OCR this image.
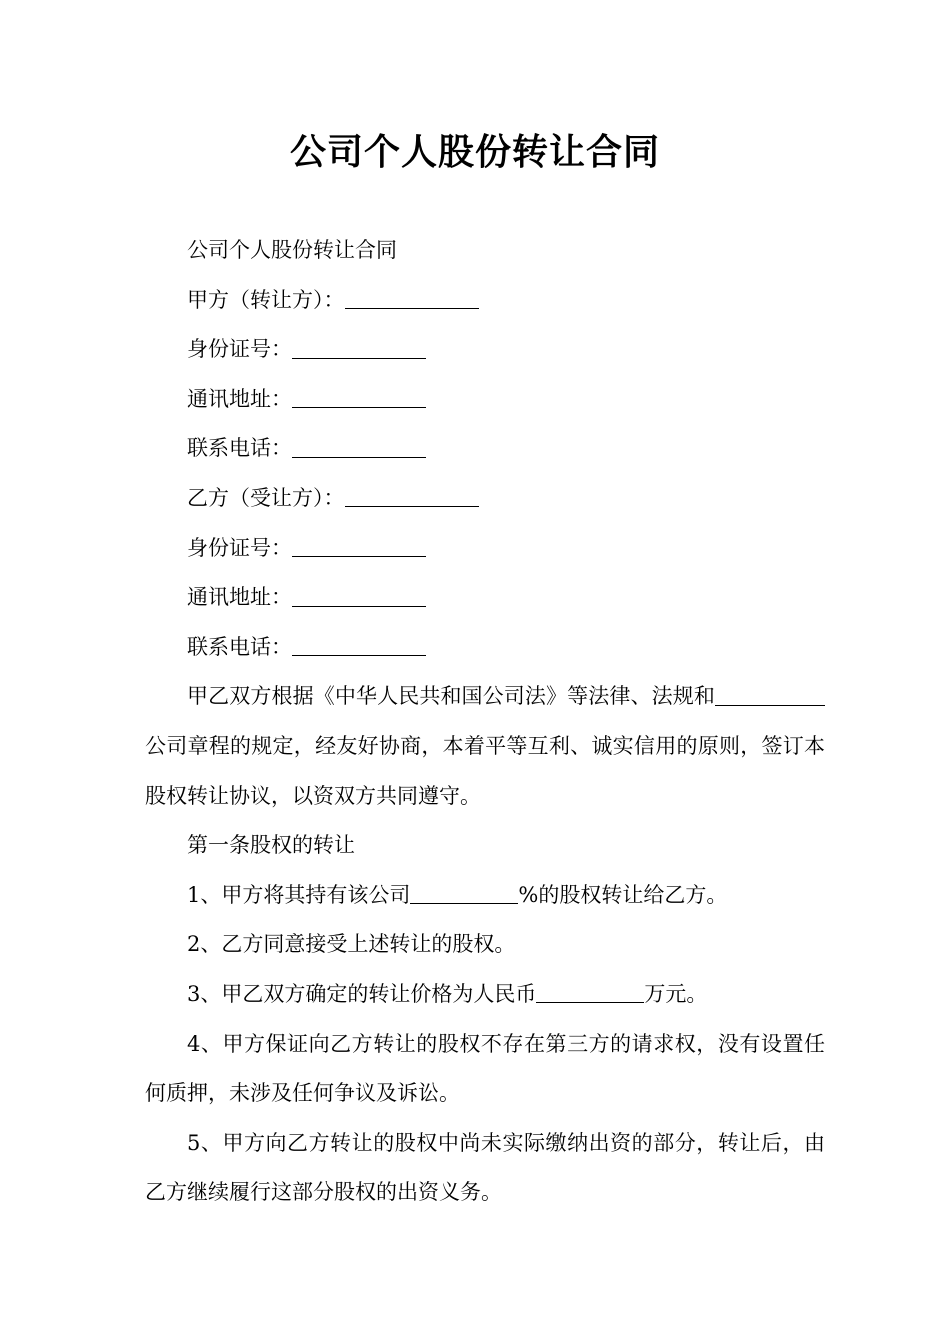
公司个人股份转让合同

公司个人股份转让合同

甲方（转让方）：

身份证号：

通讯地址：

联系电话：

乙方（受让方）：

身份证号：

通讯地址：

联系电话：

甲乙双方根据《中华人民共和国公司法》等法律、法规和公司章程的规定，经友好协商，本着平等互利、诚实信用的原则，签订本股权转让协议，以资双方共同遵守。

第一条股权的转让

1、甲方将其持有该公司	%的股权转让给乙方。

2、乙方同意接受上述转让的股权。

3、甲乙双方确定的转让价格为人民币	万元。

4、甲方保证向乙方转让的股权不存在第三方的请求权，没有设置任何质押，未涉及任何争议及诉讼。

5、甲方向乙方转让的股权中尚未实际缴纳出资的部分，转让后，由乙方继续履行这部分股权的出资义务。
